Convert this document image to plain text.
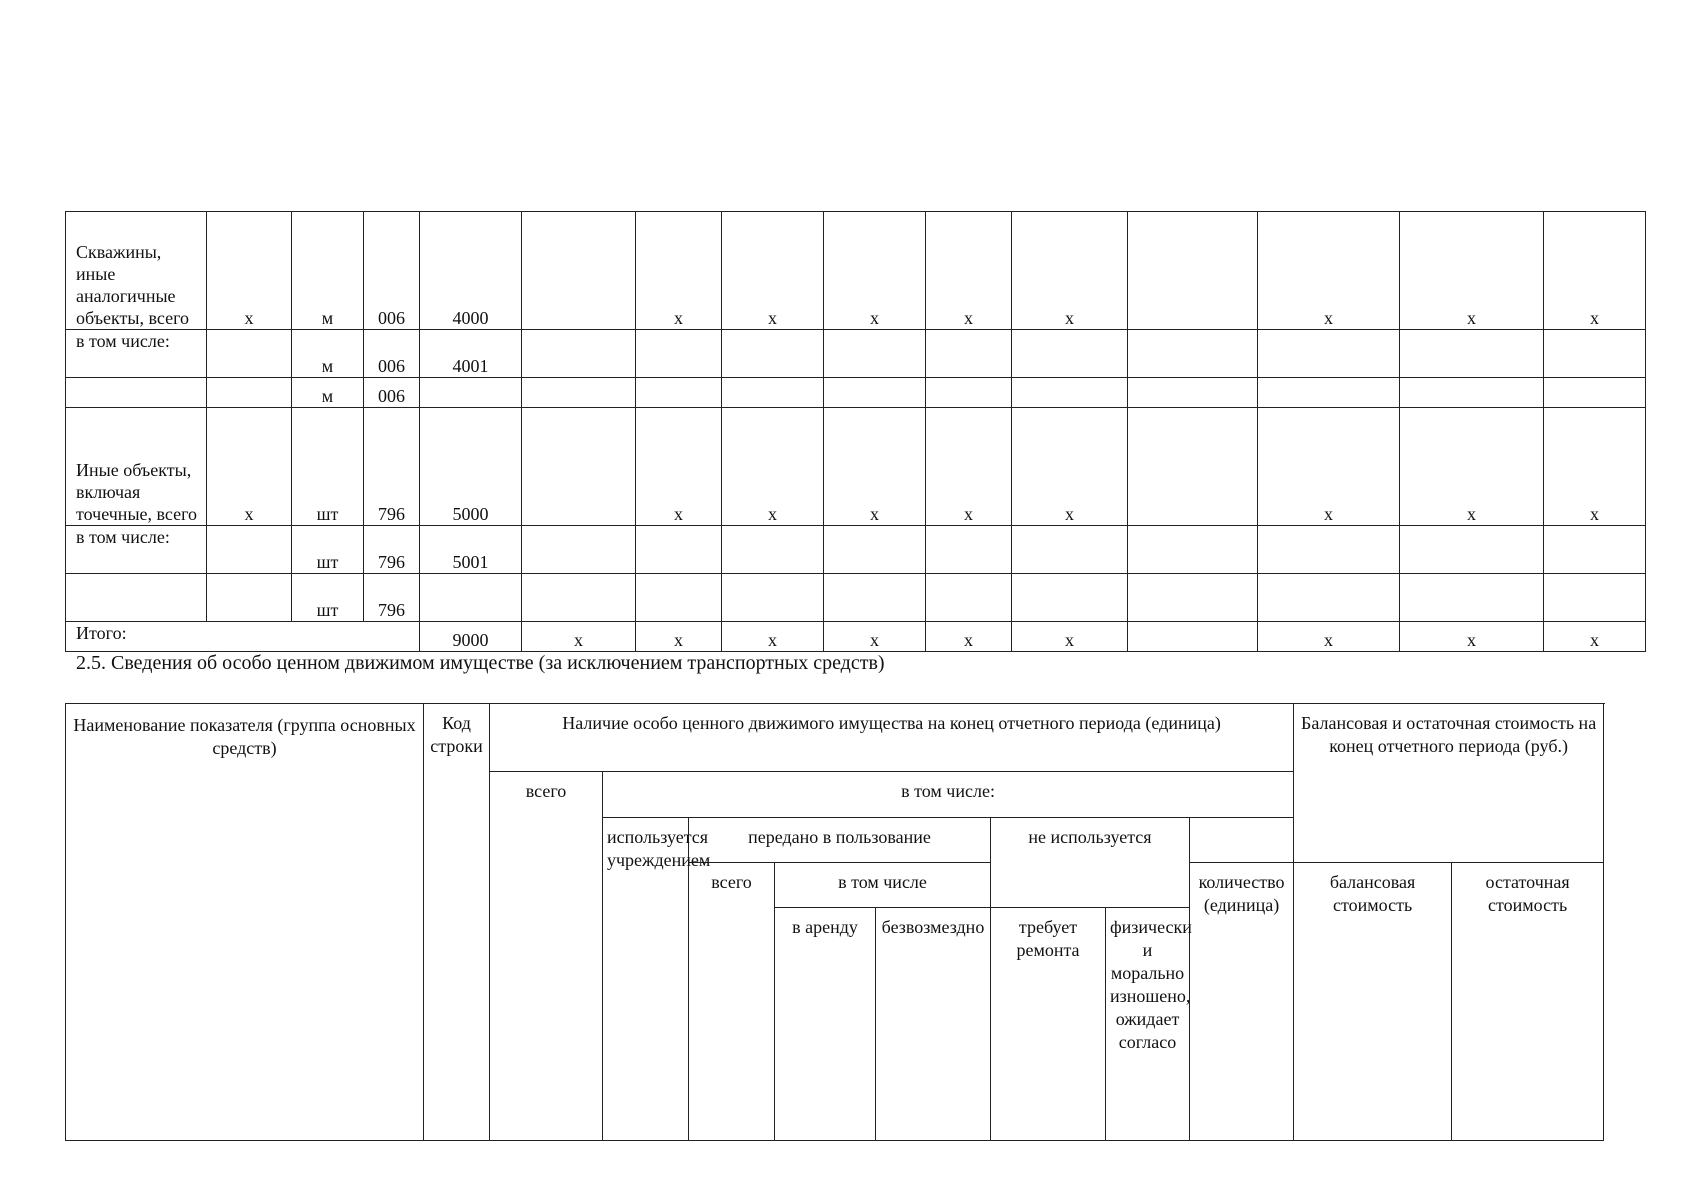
Скважины, иные аналогичные объекты, всего	x	м	006	4000		x	x	x	x	x		x	x	x
в том числе:		м	006	4001										
		м	006											
Иные объекты, включая точечные, всего	x	шт	796	5000		x	x	x	x	x		x	x	x
в том числе:		шт	796	5001										
		шт	796											
Итого:				9000	x	x	x	x	x	x		x	x	x
2.5. Сведения об особо ценном движимом имуществе (за исключением транспортных средств)
Наименование показателя (группа основных средств)	Код строки	Наличие особо ценного движимого имущества на конец отчетного периода (единица)								Балансовая и остаточная стоимость на конец отчетного периода (руб.)	
		всего	в том числе:								
			используется учреждением	передано в пользование			не используется				
				всего	в том числе				количество (единица)	балансовая стоимость	остаточная стоимость
					в аренду	безвозмездно	требует ремонта	физически и морально изношено, ожидает согласо			
